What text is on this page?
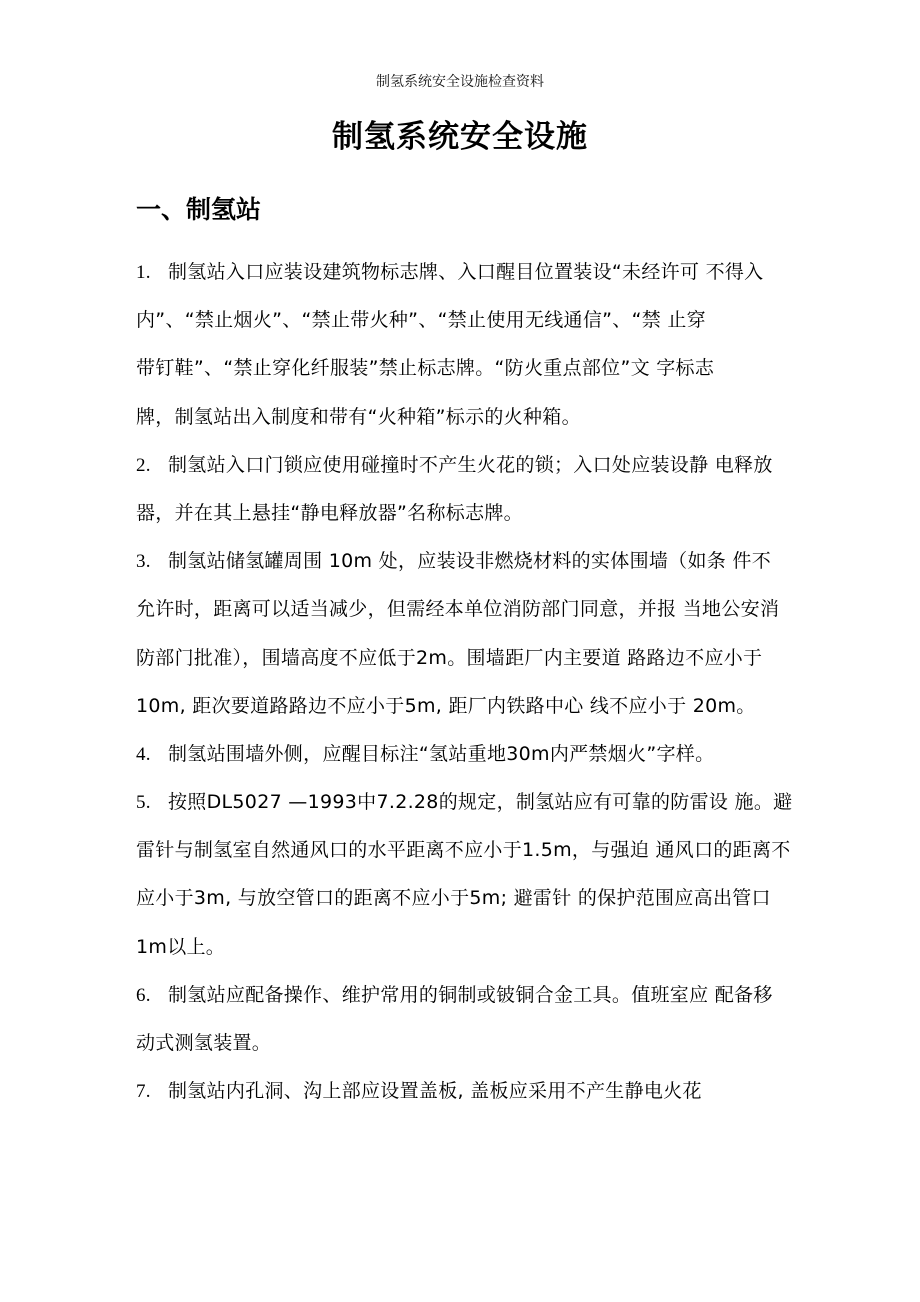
制氢系统安全设施检查资料
制氢系统安全设施
一、制氢站
1. 制氢站入口应装设建筑物标志牌、入口醒目位置装设“未经许可 不得入
内”、“禁止烟火”、“禁止带火种”、“禁止使用无线通信”、“禁 止穿
带钉鞋”、“禁止穿化纤服装”禁止标志牌。“防火重点部位”文 字标志
牌，制氢站出入制度和带有“火种箱”标示的火种箱。
2. 制氢站入口门锁应使用碰撞时不产生火花的锁；入口处应装设静 电释放
器，并在其上悬挂“静电释放器”名称标志牌。
3. 制氢站储氢罐周围 10m 处，应装设非燃烧材料的实体围墙（如条 件不
允许时，距离可以适当减少，但需经本单位消防部门同意，并报 当地公安消
防部门批准），围墙高度不应低于2m。围墙距厂内主要道 路路边不应小于
10m, 距次要道路路边不应小于5m, 距厂内铁路中心 线不应小于 20m。
4. 制氢站围墙外侧，应醒目标注“氢站重地30m内严禁烟火”字样。
5. 按照DL5027 —1993中7.2.28的规定，制氢站应有可靠的防雷设 施。避
雷针与制氢室自然通风口的水平距离不应小于1.5m，与强迫 通风口的距离不
应小于3m, 与放空管口的距离不应小于5m; 避雷针 的保护范围应高出管口
1m以上。
6. 制氢站应配备操作、维护常用的铜制或铍铜合金工具。值班室应 配备移
动式测氢装置。
7. 制氢站内孔洞、沟上部应设置盖板, 盖板应采用不产生静电火花
